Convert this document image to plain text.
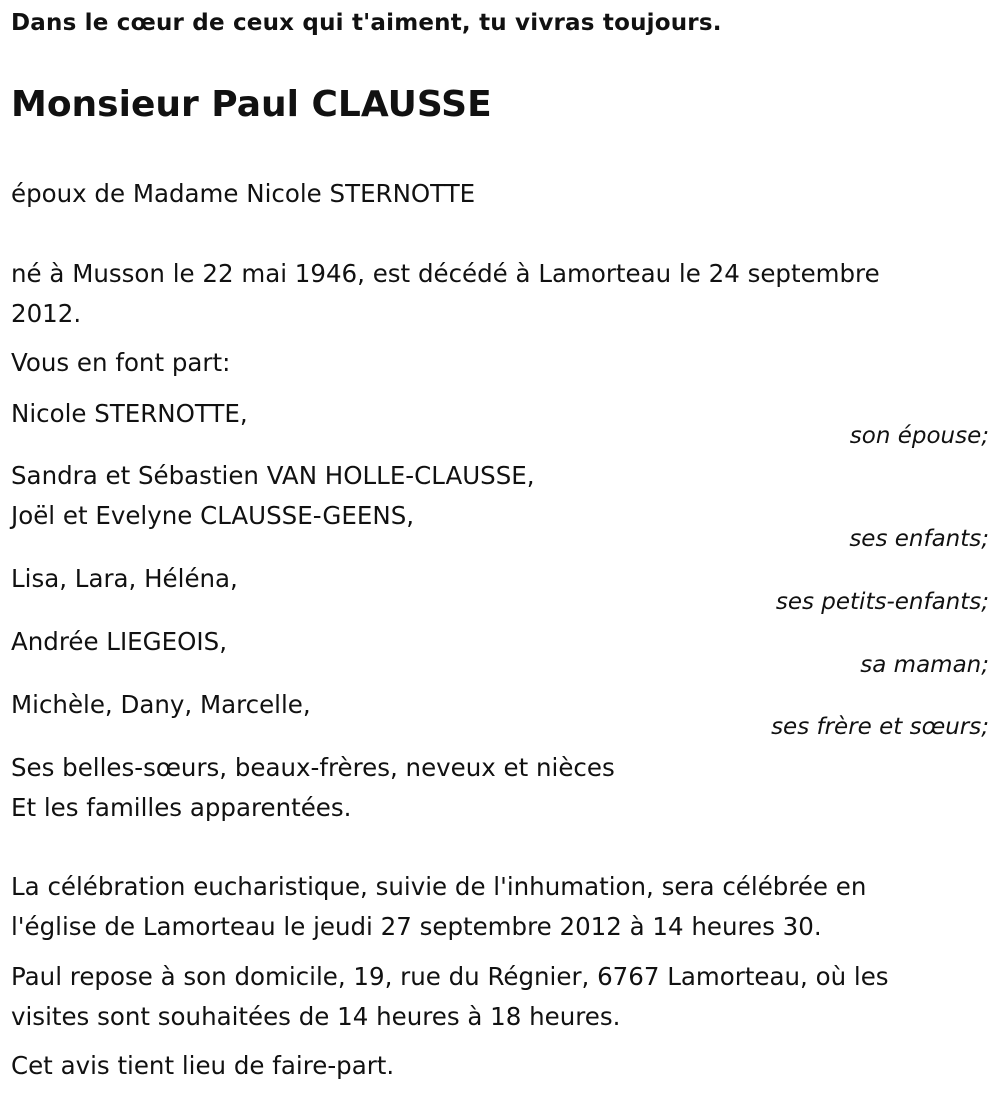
Dans le cœur de ceux qui t'aiment, tu vivras toujours.
Monsieur Paul CLAUSSE
époux de Madame Nicole STERNOTTE
né à Musson le 22 mai 1946, est décédé à Lamorteau le 24 septembre
2012.
Vous en font part:
Nicole STERNOTTE,
son épouse;
Sandra et Sébastien VAN HOLLE-CLAUSSE,
Joël et Evelyne CLAUSSE-GEENS,
ses enfants;
Lisa, Lara, Héléna,
ses petits-enfants;
Andrée LIEGEOIS,
sa maman;
Michèle, Dany, Marcelle,
ses frère et sœurs;
Ses belles-sœurs, beaux-frères, neveux et nièces
Et les familles apparentées.
La célébration eucharistique, suivie de l'inhumation, sera célébrée en
l'église de Lamorteau le jeudi 27 septembre 2012 à 14 heures 30.
Paul repose à son domicile, 19, rue du Régnier, 6767 Lamorteau, où les
visites sont souhaitées de 14 heures à 18 heures.
Cet avis tient lieu de faire-part.
